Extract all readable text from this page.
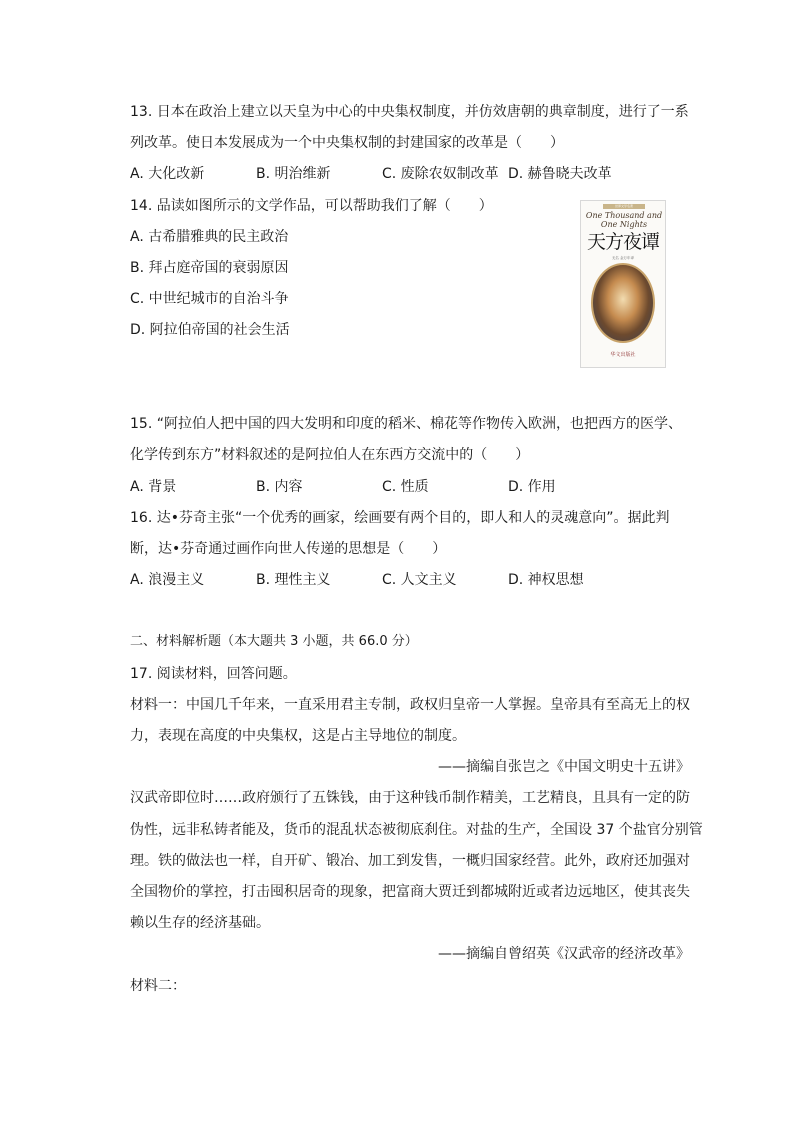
13. 日本在政治上建立以天皇为中心的中央集权制度，并仿效唐朝的典章制度，进行了一系
列改革。使日本发展成为一个中央集权制的封建国家的改革是（　　）
A. 大化改新	B. 明治维新	C. 废除农奴制改革 D. 赫鲁晓夫改革
14. 品读如图所示的文学作品，可以帮助我们了解（　　）
A. 古希腊雅典的民主政治
B. 拜占庭帝国的衰弱原因
C. 中世纪城市的自治斗争
D. 阿拉伯帝国的社会生活
世界文学名著
One Thousand and One Nights
天方夜谭
无名 金万年译
华文出版社
15. “阿拉伯人把中国的四大发明和印度的稻米、棉花等作物传入欧洲，也把西方的医学、
化学传到东方”材料叙述的是阿拉伯人在东西方交流中的（　　）
A. 背景	B. 内容	C. 性质	D. 作用
16. 达•芬奇主张“一个优秀的画家，绘画要有两个目的，即人和人的灵魂意向”。据此判
断，达•芬奇通过画作向世人传递的思想是（　　）
A. 浪漫主义	B. 理性主义	C. 人文主义	D. 神权思想
二、材料解析题（本大题共 3 小题，共 66.0 分）
17. 阅读材料，回答问题。
材料一：中国几千年来，一直采用君主专制，政权归皇帝一人掌握。皇帝具有至高无上的权
力，表现在高度的中央集权，这是占主导地位的制度。
——摘编自张岂之《中国文明史十五讲》
汉武帝即位时……政府颁行了五铢钱，由于这种钱币制作精美，工艺精良，且具有一定的防
伪性，远非私铸者能及，货币的混乱状态被彻底刹住。对盐的生产，全国设 37 个盐官分别管
理。铁的做法也一样，自开矿、锻冶、加工到发售，一概归国家经营。此外，政府还加强对
全国物价的掌控，打击囤积居奇的现象，把富商大贾迁到都城附近或者边远地区，使其丧失
赖以生存的经济基础。
——摘编自曾绍英《汉武帝的经济改革》
材料二：
